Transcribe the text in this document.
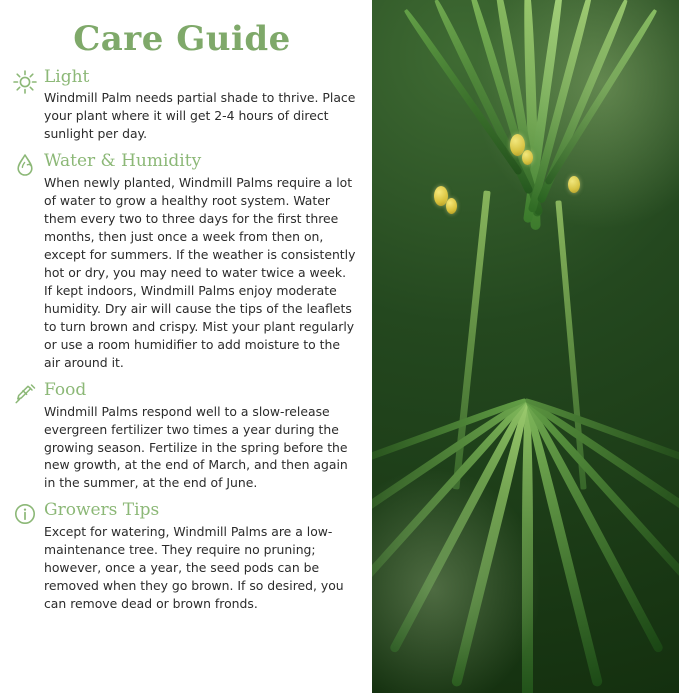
Care Guide
Light

Windmill Palm needs partial shade to thrive. Place your plant where it will get 2-4 hours of direct sunlight per day.

Water & Humidity

When newly planted, Windmill Palms require a lot of water to grow a healthy root system. Water them every two to three days for the first three months, then just once a week from then on, except for summers. If the weather is consistently hot or dry, you may need to water twice a week. If kept indoors, Windmill Palms enjoy moderate humidity. Dry air will cause the tips of the leaflets to turn brown and crispy. Mist your plant regularly or use a room humidifier to add moisture to the air around it.

Food

Windmill Palms respond well to a slow-release evergreen fertilizer two times a year during the growing season. Fertilize in the spring before the new growth, at the end of March, and then again in the summer, at the end of June.

Growers Tips

Except for watering, Windmill Palms are a low-maintenance tree. They require no pruning; however, once a year, the seed pods can be removed when they go brown. If so desired, you can remove dead or brown fronds.
